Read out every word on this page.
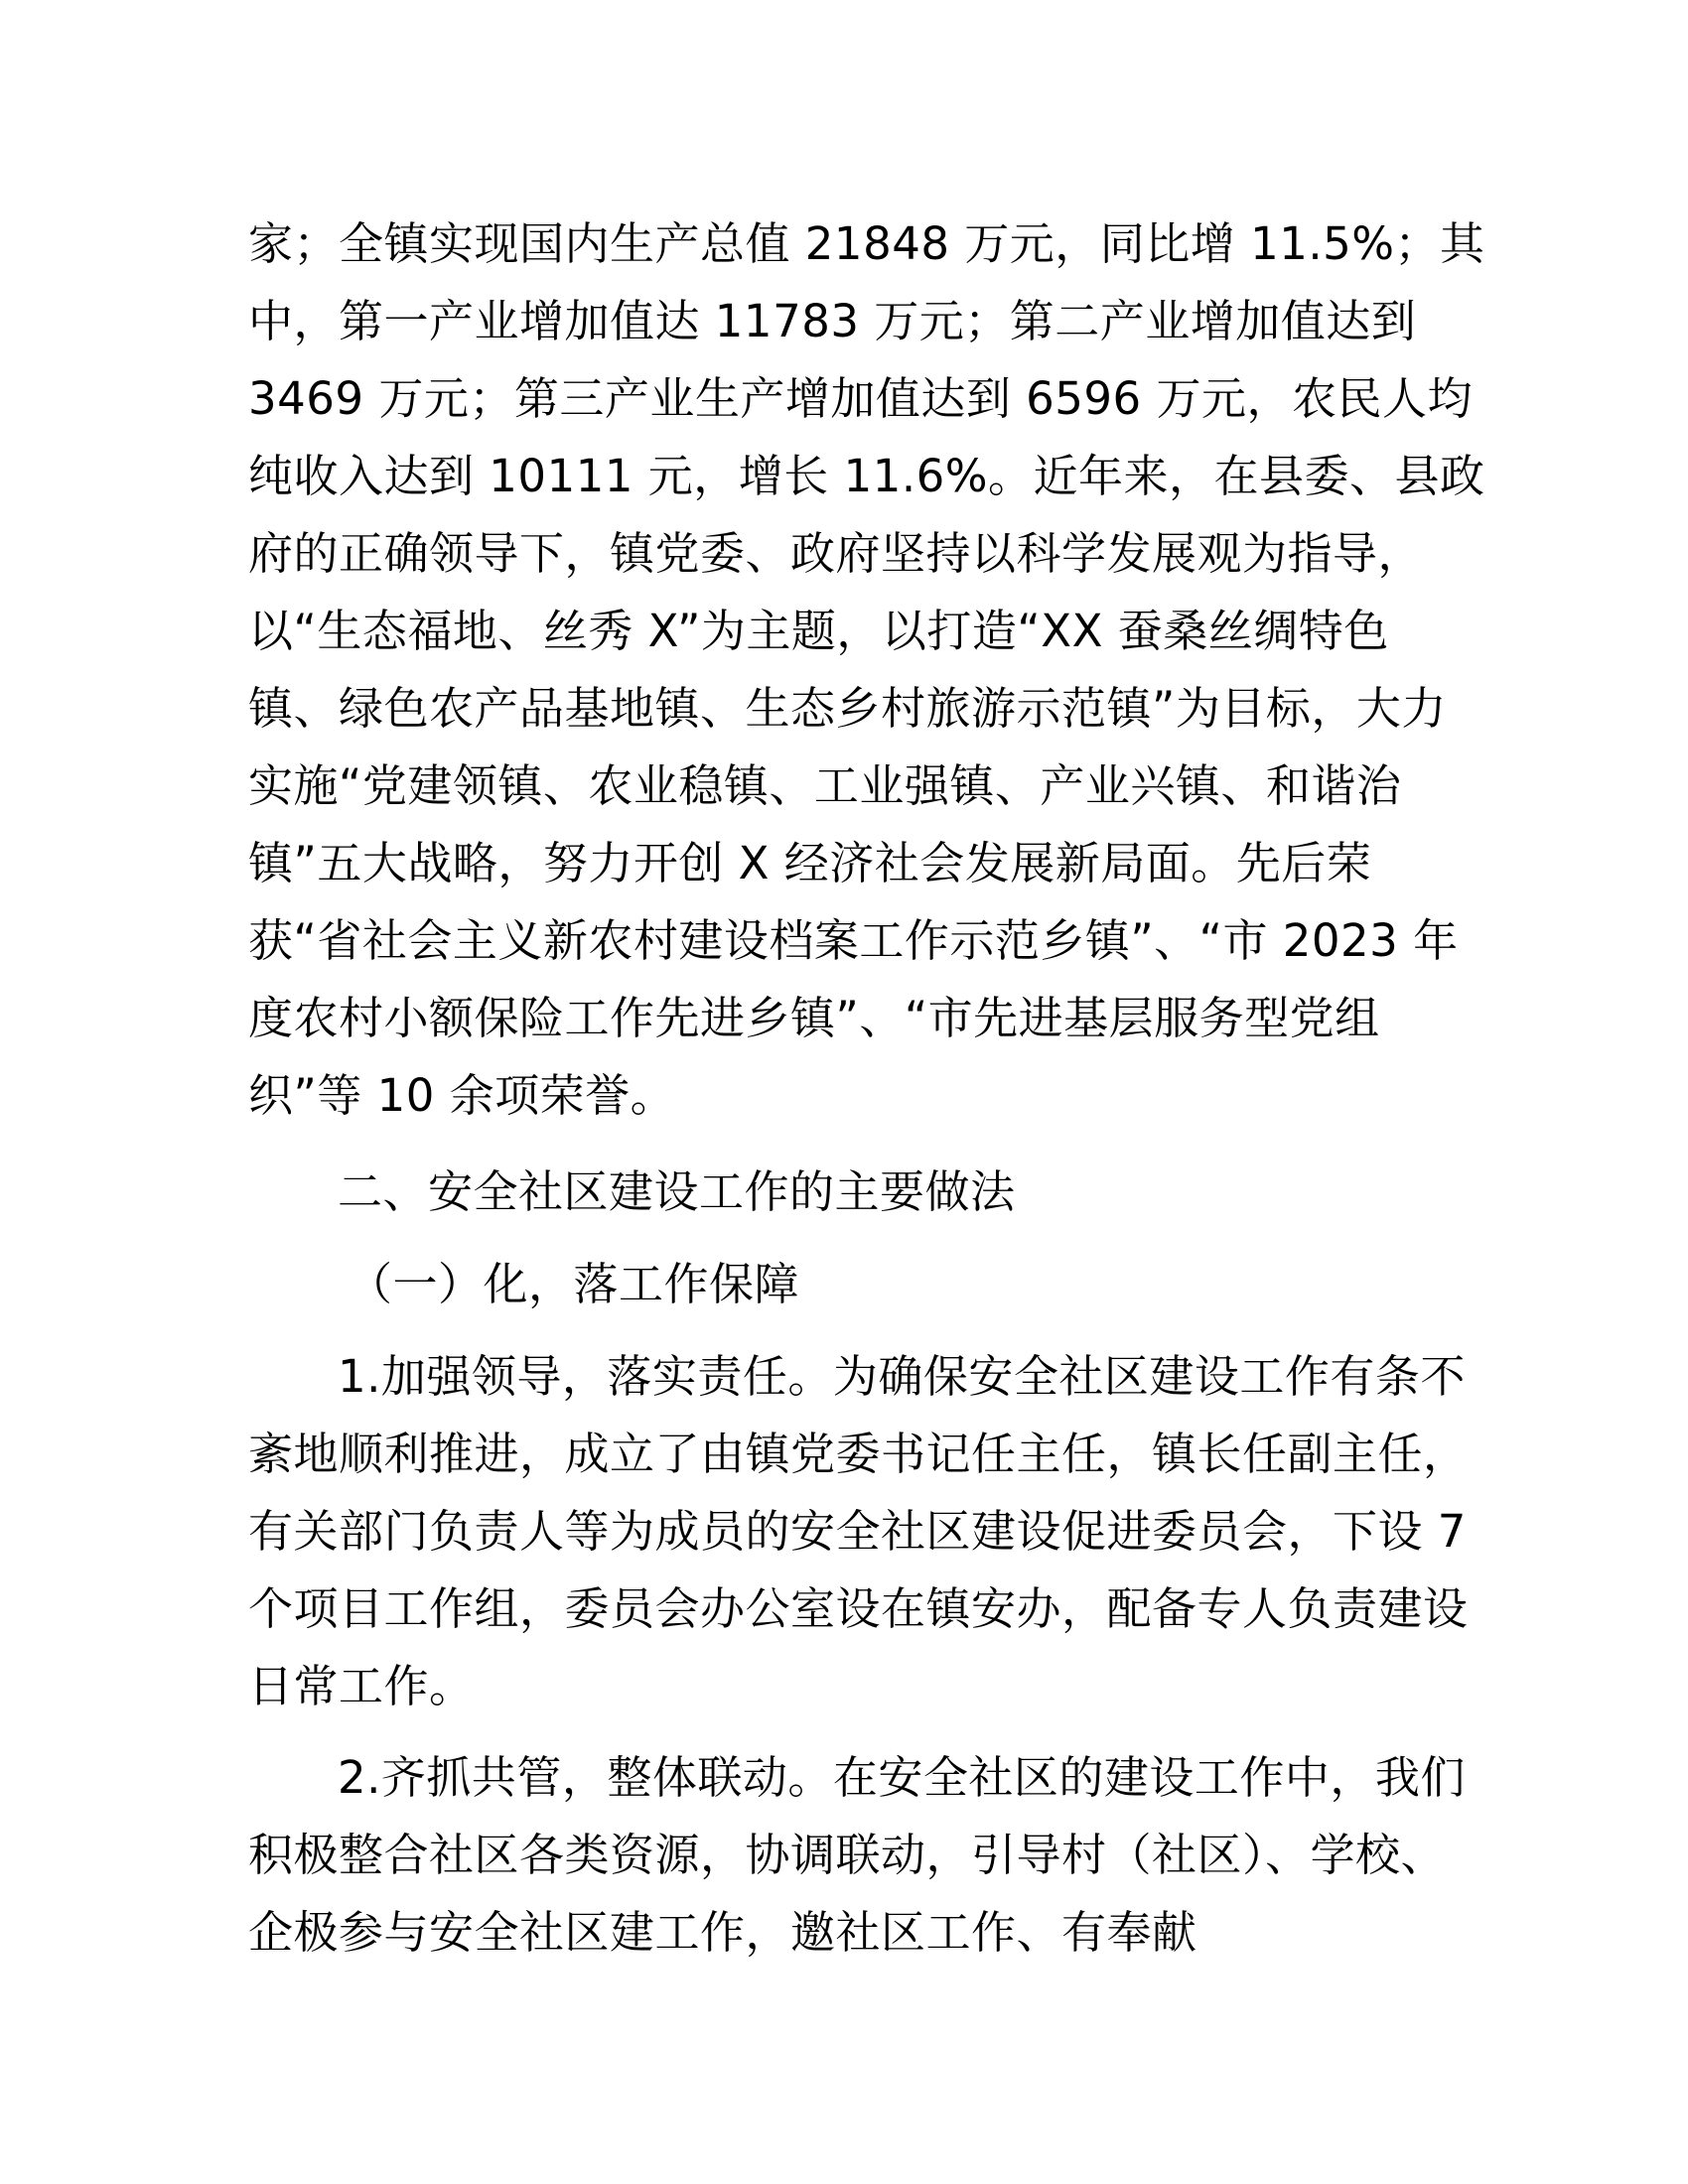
家；全镇实现国内生产总值 21848 万元，同比增 11.5%；其
中，第一产业增加值达 11783 万元；第二产业增加值达到
3469 万元；第三产业生产增加值达到 6596 万元，农民人均
纯收入达到 10111 元，增长 11.6%。近年来，在县委、县政
府的正确领导下，镇党委、政府坚持以科学发展观为指导，
以“生态福地、丝秀 X”为主题，以打造“XX 蚕桑丝绸特色
镇、绿色农产品基地镇、生态乡村旅游示范镇”为目标，大力
实施“党建领镇、农业稳镇、工业强镇、产业兴镇、和谐治
镇”五大战略，努力开创 X 经济社会发展新局面。先后荣
获“省社会主义新农村建设档案工作示范乡镇”、“市 2023 年
度农村小额保险工作先进乡镇”、“市先进基层服务型党组
织”等 10 余项荣誉。
二、安全社区建设工作的主要做法
（一）化，落工作保障
1.加强领导，落实责任。为确保安全社区建设工作有条不
紊地顺利推进，成立了由镇党委书记任主任，镇长任副主任，
有关部门负责人等为成员的安全社区建设促进委员会，下设 7
个项目工作组，委员会办公室设在镇安办，配备专人负责建设
日常工作。
2.齐抓共管，整体联动。在安全社区的建设工作中，我们
积极整合社区各类资源，协调联动，引导村（社区）、学校、
企极参与安全社区建工作，邀社区工作、有奉献
